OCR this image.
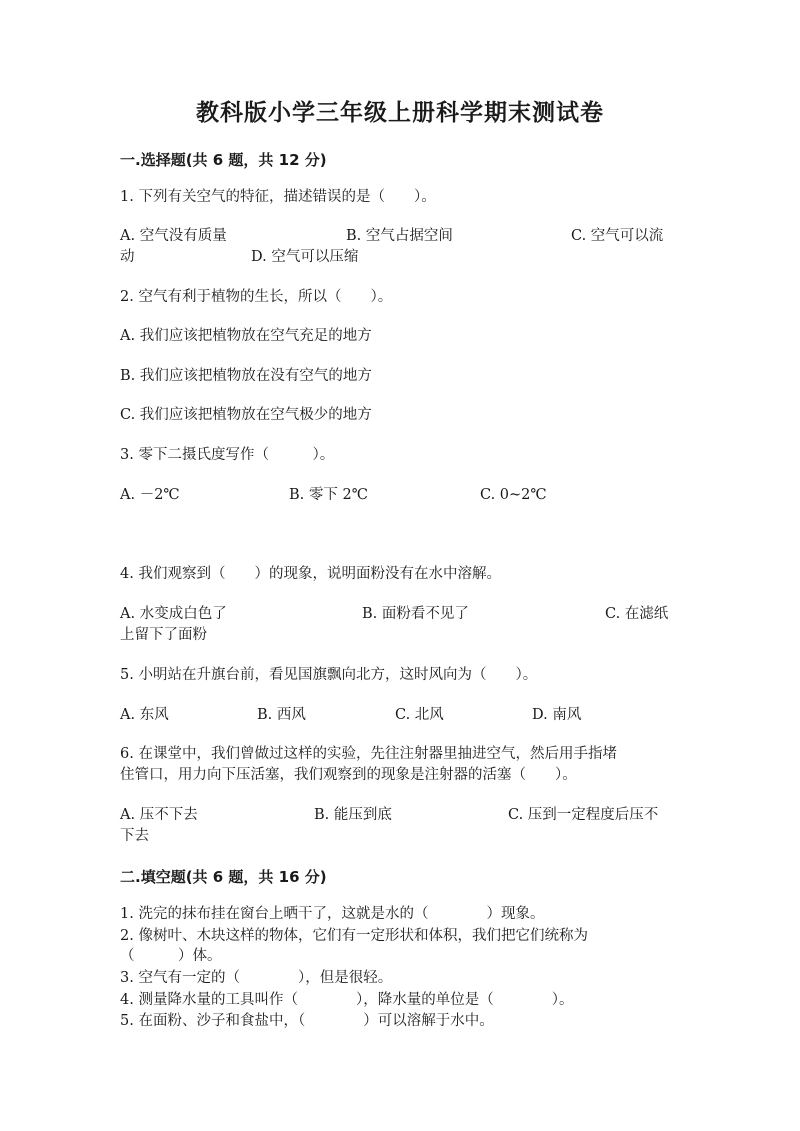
教科版小学三年级上册科学期末测试卷
一.选择题(共 6 题，共 12 分)
1. 下列有关空气的特征，描述错误的是（　　）。
A. 空气没有质量	B. 空气占据空间	C. 空气可以流
动	D. 空气可以压缩
2. 空气有利于植物的生长，所以（　　）。
A. 我们应该把植物放在空气充足的地方
B. 我们应该把植物放在没有空气的地方
C. 我们应该把植物放在空气极少的地方
3. 零下二摄氏度写作（　　　）。
A. －2℃	B. 零下 2℃	C. 0~2℃
4. 我们观察到（　　）的现象，说明面粉没有在水中溶解。
A. 水变成白色了	B. 面粉看不见了	C. 在滤纸
上留下了面粉
5. 小明站在升旗台前，看见国旗飘向北方，这时风向为（　　）。
A. 东风	B. 西风	C. 北风	D. 南风
6. 在课堂中，我们曾做过这样的实验，先往注射器里抽进空气，然后用手指堵
住管口，用力向下压活塞，我们观察到的现象是注射器的活塞（　　）。
A. 压不下去	B. 能压到底	C. 压到一定程度后压不
下去
二.填空题(共 6 题，共 16 分)
1. 洗完的抹布挂在窗台上晒干了，这就是水的（　　　　）现象。
2. 像树叶、木块这样的物体，它们有一定形状和体积，我们把它们统称为
（　　　）体。
3. 空气有一定的（　　　　），但是很轻。
4. 测量降水量的工具叫作（　　　　），降水量的单位是（　　　　）。
5. 在面粉、沙子和食盐中，（　　　　）可以溶解于水中。
